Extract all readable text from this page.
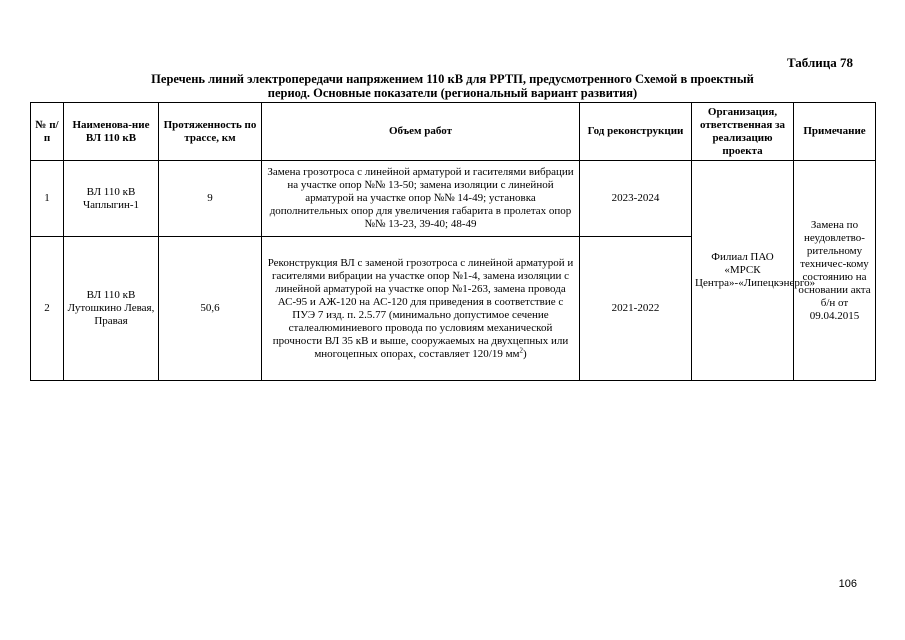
Таблица 78
Перечень линий электропередачи напряжением 110 кВ для РРТП, предусмотренного Схемой в проектный
период. Основные показатели (региональный вариант развития)
№ п/п	Наименова-ние ВЛ 110 кВ	Протяженность по трассе, км	Объем работ	Год реконструкции	Организация, ответственная за реализацию проекта	Примечание
1	ВЛ 110 кВ Чаплыгин-1	9	Замена грозотроса с линейной арматурой и гасителями вибрации на участке опор №№ 13-50; замена изоляции с линейной арматурой на участке опор №№ 14-49; установка дополнительных опор для увеличения габарита в пролетах опор №№ 13-23, 39-40; 48-49	2023-2024	Филиал ПАО «МРСК Центра»-«Липецкэнерго»	Замена по неудовлетво-рительному техничес-кому состоянию на основании акта б/н от 09.04.2015
2	ВЛ 110 кВ Лутошкино Левая, Правая	50,6	Реконструкция ВЛ с заменой грозотроса с линейной арматурой и гасителями вибрации на участке опор №1-4, замена изоляции с линейной арматурой на участке опор №1-263, замена провода АС-95 и АЖ-120 на АС-120 для приведения в соответствие с ПУЭ 7 изд. п. 2.5.77 (минимально допустимое сечение сталеалюминиевого провода по условиям механической прочности ВЛ 35 кВ и выше, сооружаемых на двухцепных или многоцепных опорах, составляет 120/19 $мм^2$)	2021-2022		
106
